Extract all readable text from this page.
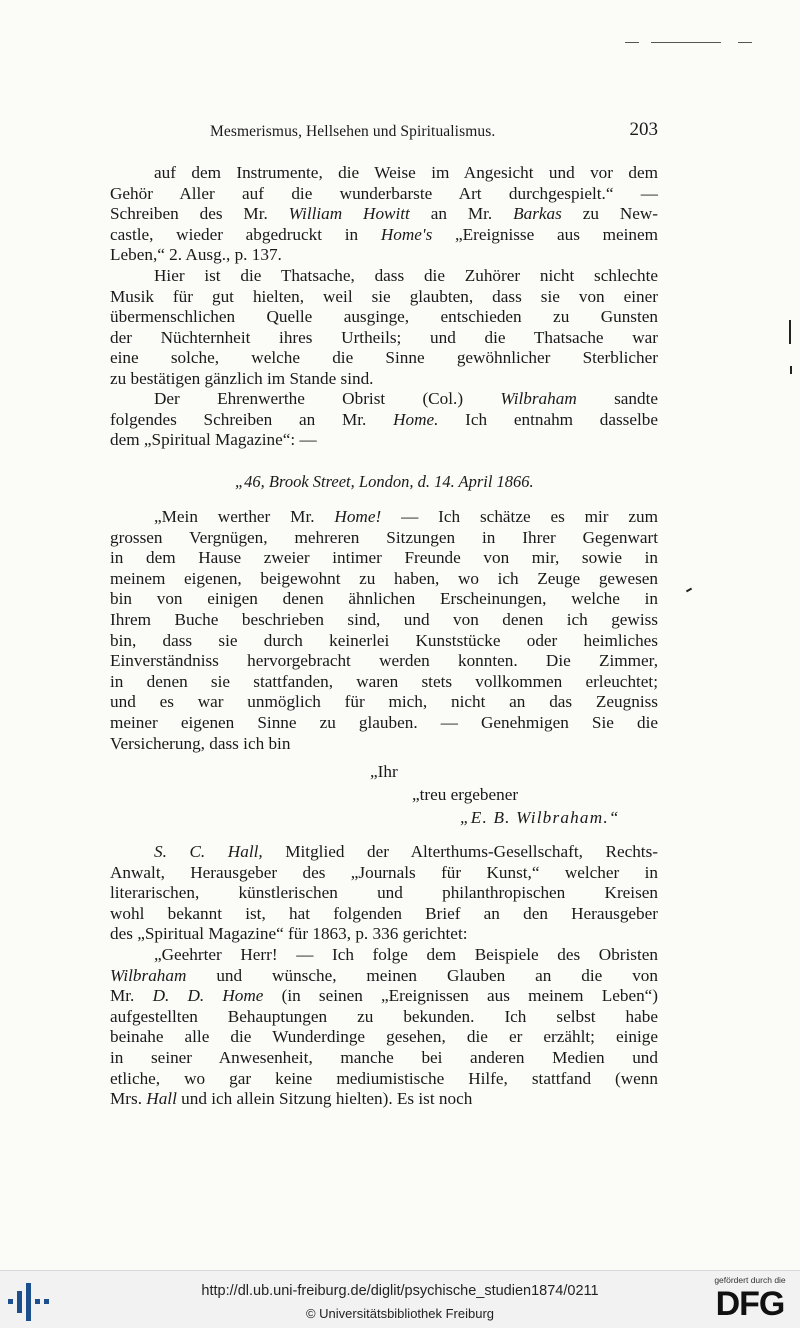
Mesmerismus, Hellsehen und Spiritualismus.	203
auf dem Instrumente, die Weise im Angesicht und vor dem
Gehör Aller auf die wunderbarste Art durchgespielt.“ —
Schreiben des Mr. William Howitt an Mr. Barkas zu New-
castle, wieder abgedruckt in Home's „Ereignisse aus meinem
Leben,“ 2. Ausg., p. 137.
Hier ist die Thatsache, dass die Zuhörer nicht schlechte
Musik für gut hielten, weil sie glaubten, dass sie von einer
übermenschlichen Quelle ausginge, entschieden zu Gunsten
der Nüchternheit ihres Urtheils; und die Thatsache war
eine solche, welche die Sinne gewöhnlicher Sterblicher
zu bestätigen gänzlich im Stande sind.
Der Ehrenwerthe Obrist (Col.) Wilbraham sandte
folgendes Schreiben an Mr. Home. Ich entnahm dasselbe
dem „Spiritual Magazine“: —
„46, Brook Street, London, d. 14. April 1866.
„Mein werther Mr. Home! — Ich schätze es mir zum
grossen Vergnügen, mehreren Sitzungen in Ihrer Gegenwart
in dem Hause zweier intimer Freunde von mir, sowie in
meinem eigenen, beigewohnt zu haben, wo ich Zeuge gewesen
bin von einigen denen ähnlichen Erscheinungen, welche in
Ihrem Buche beschrieben sind, und von denen ich gewiss
bin, dass sie durch keinerlei Kunststücke oder heimliches
Einverständniss hervorgebracht werden konnten. Die Zimmer,
in denen sie stattfanden, waren stets vollkommen erleuchtet;
und es war unmöglich für mich, nicht an das Zeugniss
meiner eigenen Sinne zu glauben. — Genehmigen Sie die
Versicherung, dass ich bin
„Ihr
„treu ergebener
„E. B. Wilbraham.“
S. C. Hall, Mitglied der Alterthums-Gesellschaft, Rechts-
Anwalt, Herausgeber des „Journals für Kunst,“ welcher in
literarischen, künstlerischen und philanthropischen Kreisen
wohl bekannt ist, hat folgenden Brief an den Herausgeber
des „Spiritual Magazine“ für 1863, p. 336 gerichtet:
„Geehrter Herr! — Ich folge dem Beispiele des Obristen
Wilbraham und wünsche, meinen Glauben an die von
Mr. D. D. Home (in seinen „Ereignissen aus meinem Leben“)
aufgestellten Behauptungen zu bekunden. Ich selbst habe
beinahe alle die Wunderdinge gesehen, die er erzählt; einige
in seiner Anwesenheit, manche bei anderen Medien und
etliche, wo gar keine mediumistische Hilfe, stattfand (wenn
Mrs. Hall und ich allein Sitzung hielten). Es ist noch
http://dl.ub.uni-freiburg.de/diglit/psychische_studien1874/0211
© Universitätsbibliothek Freiburg
gefördert durch die
DFG
